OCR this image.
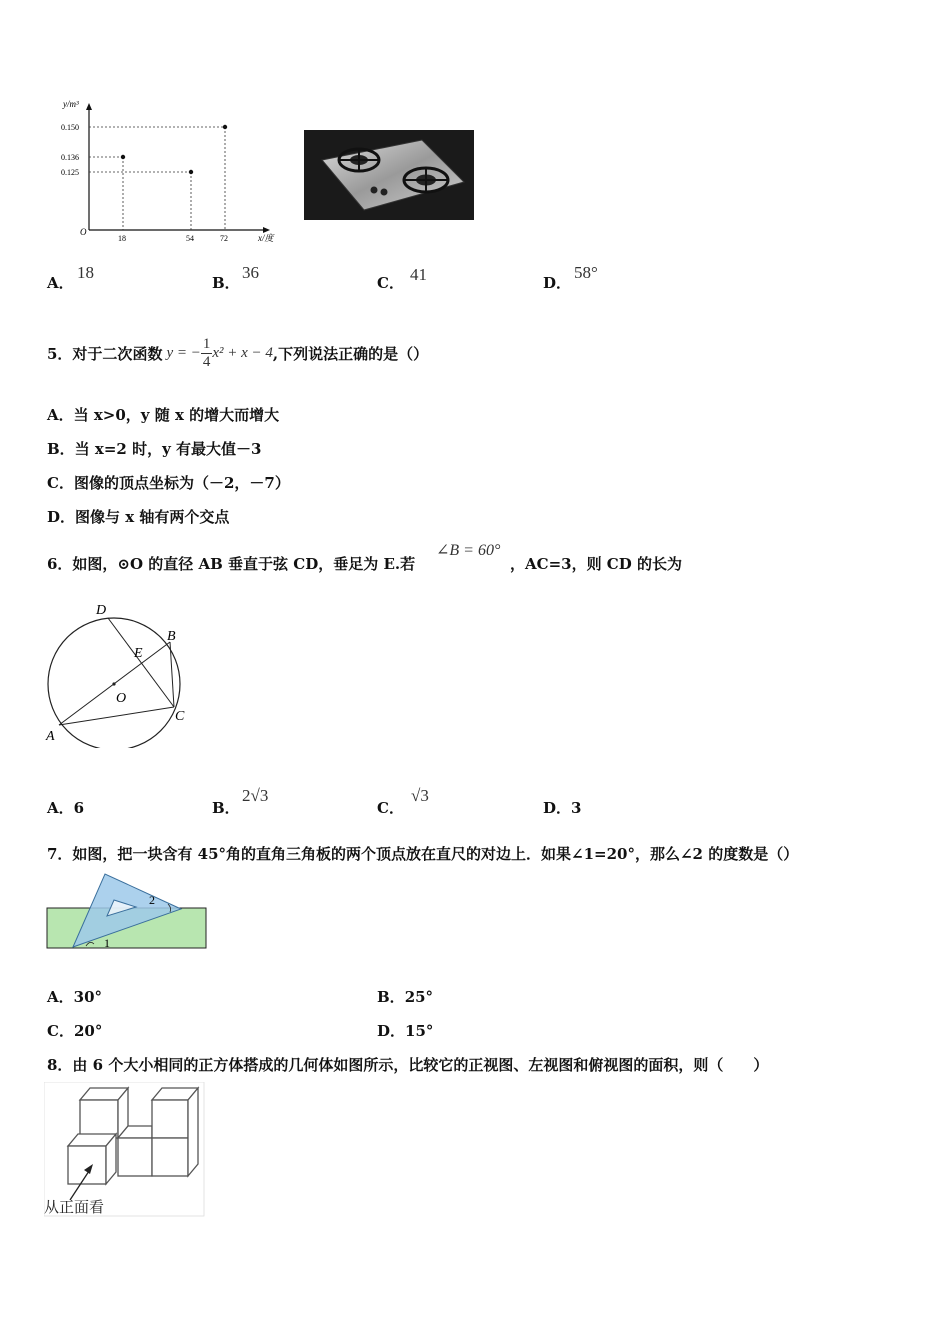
y/m³
x/度
O
0.150
0.136
0.125
18	54	72
A．
18
B．
36
C． 41	D．
58°
5．对于二次函数 y = − $\frac{1}{4} x^2 + x - 4$ ,下列说法正确的是（）
A．当 x>0，y 随 x 的增大而增大
B．当 x=2 时，y 有最大值－3
C．图像的顶点坐标为（－2，－7）
D．图像与 x 轴有两个交点
6．如图，⊙O 的直径 AB 垂直于弦 CD，垂足为 E.若
∠B = 60°
，AC=3，则 CD 的长为
D
B
E
O
C
A
A．6	B．
2√3
C．
√3
D．3
7．如图，把一块含有 45°角的直角三角板的两个顶点放在直尺的对边上．如果∠1=20°，那么∠2 的度数是（）
2
1
A．30°	B．25°
C．20°	D．15°
8．由 6 个大小相同的正方体搭成的几何体如图所示，比较它的正视图、左视图和俯视图的面积，则（　　）
从正面看
